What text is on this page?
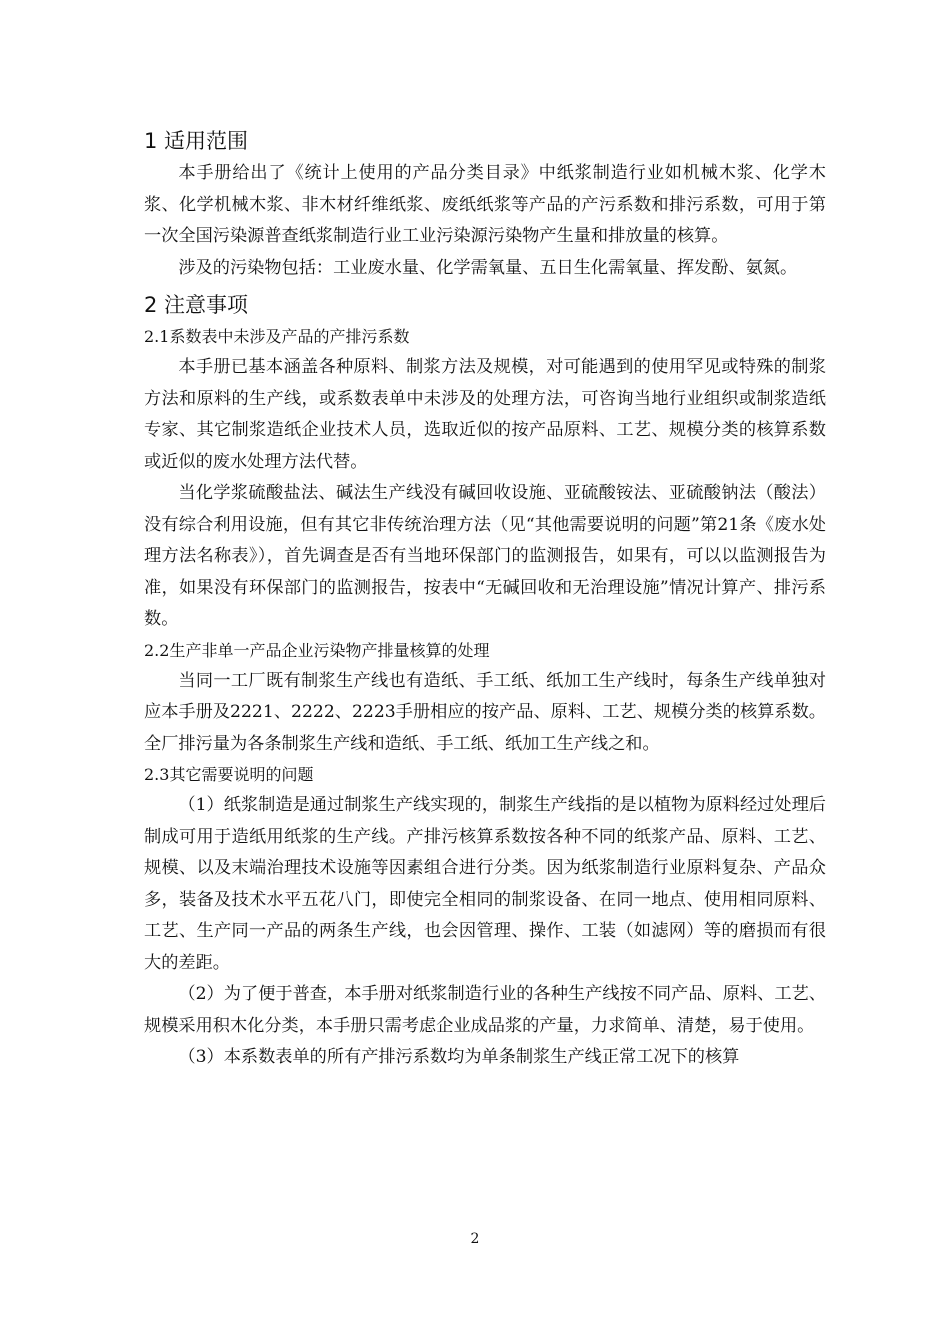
1 适用范围

本手册给出了《统计上使用的产品分类目录》中纸浆制造行业如机械木浆、化学木浆、化学机械木浆、非木材纤维纸浆、废纸纸浆等产品的产污系数和排污系数，可用于第一次全国污染源普查纸浆制造行业工业污染源污染物产生量和排放量的核算。

涉及的污染物包括：工业废水量、化学需氧量、五日生化需氧量、挥发酚、氨氮。

2 注意事项
2.1系数表中未涉及产品的产排污系数

本手册已基本涵盖各种原料、制浆方法及规模，对可能遇到的使用罕见或特殊的制浆方法和原料的生产线，或系数表单中未涉及的处理方法，可咨询当地行业组织或制浆造纸专家、其它制浆造纸企业技术人员，选取近似的按产品原料、工艺、规模分类的核算系数或近似的废水处理方法代替。

当化学浆硫酸盐法、碱法生产线没有碱回收设施、亚硫酸铵法、亚硫酸钠法（酸法）没有综合利用设施，但有其它非传统治理方法（见“其他需要说明的问题”第21条《废水处理方法名称表》），首先调查是否有当地环保部门的监测报告，如果有，可以以监测报告为准，如果没有环保部门的监测报告，按表中“无碱回收和无治理设施”情况计算产、排污系数。

2.2生产非单一产品企业污染物产排量核算的处理

当同一工厂既有制浆生产线也有造纸、手工纸、纸加工生产线时，每条生产线单独对应本手册及2221、2222、2223手册相应的按产品、原料、工艺、规模分类的核算系数。全厂排污量为各条制浆生产线和造纸、手工纸、纸加工生产线之和。

2.3其它需要说明的问题

（1）纸浆制造是通过制浆生产线实现的，制浆生产线指的是以植物为原料经过处理后制成可用于造纸用纸浆的生产线。产排污核算系数按各种不同的纸浆产品、原料、工艺、规模、以及末端治理技术设施等因素组合进行分类。因为纸浆制造行业原料复杂、产品众多，装备及技术水平五花八门，即使完全相同的制浆设备、在同一地点、使用相同原料、工艺、生产同一产品的两条生产线，也会因管理、操作、工装（如滤网）等的磨损而有很大的差距。

（2）为了便于普查，本手册对纸浆制造行业的各种生产线按不同产品、原料、工艺、规模采用积木化分类，本手册只需考虑企业成品浆的产量，力求简单、清楚，易于使用。

（3）本系数表单的所有产排污系数均为单条制浆生产线正常工况下的核算

2
